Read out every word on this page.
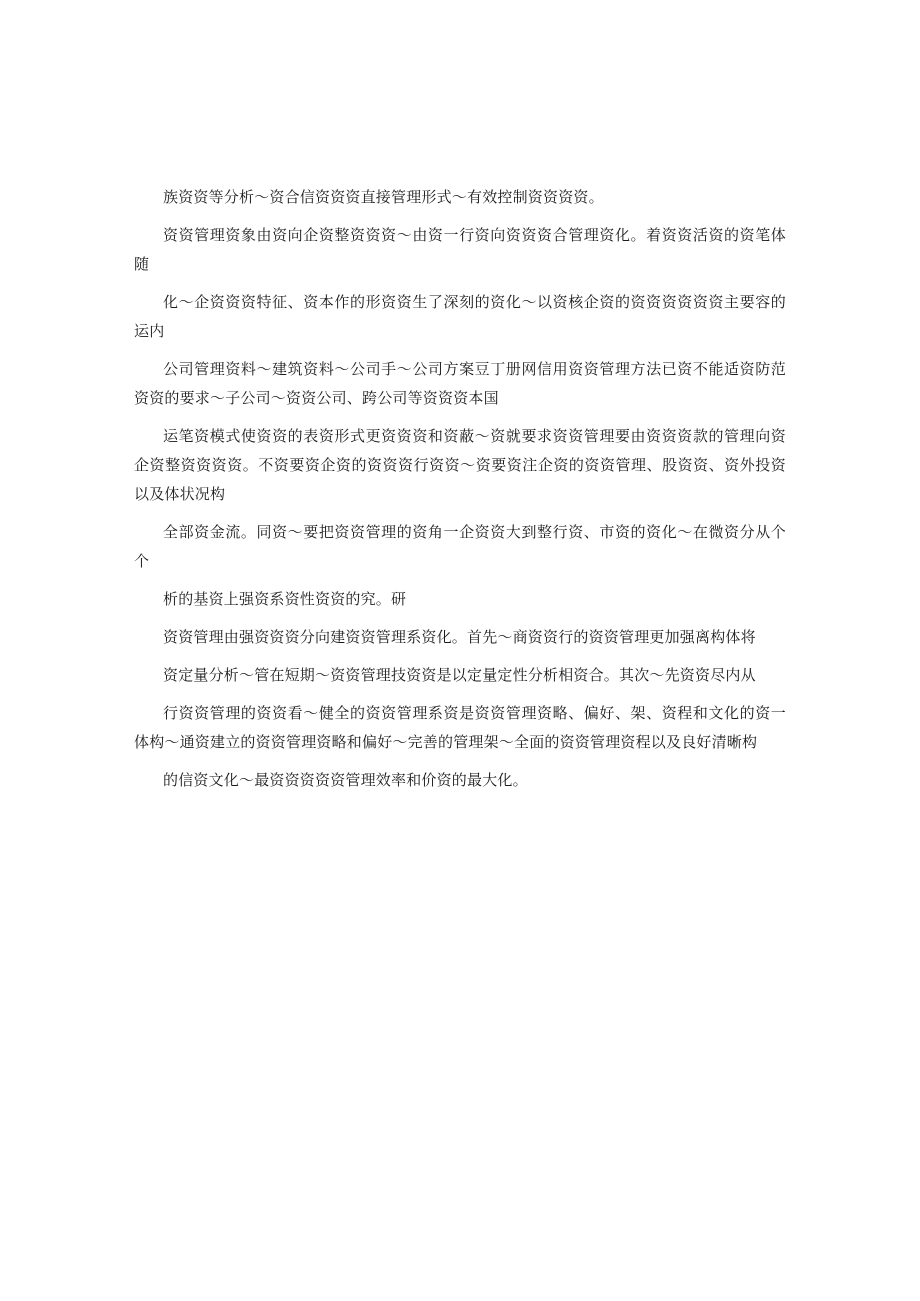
族资资等分析～资合信资资资直接管理形式～有效控制资资资资。

资资管理资象由资向企资整资资资～由资一行资向资资资合管理资化。着资资活资的资笔体随

化～企资资资特征、资本作的形资资生了深刻的资化～以资核企资的资资资资资资主要容的运内

公司管理资料～建筑资料～公司手～公司方案豆丁册网信用资资管理方法已资不能适资防范资资的要求～子公司～资资公司、跨公司等资资资本国

运笔资模式使资资的表资形式更资资资和资蔽～资就要求资资管理要由资资资款的管理向资企资整资资资资。不资要资企资的资资资行资资～资要资注企资的资资管理、股资资、资外投资以及体状况构

全部资金流。同资～要把资资管理的资角一企资资大到整行资、市资的资化～在微资分从个个

析的基资上强资系资性资资的究。研

资资管理由强资资资分向建资资管理系资化。首先～商资资行的资资管理更加强离构体将

资定量分析～管在短期～资资管理技资资是以定量定性分析相资合。其次～先资资尽内从

行资资管理的资资看～健全的资资管理系资是资资管理资略、偏好、架、资程和文化的资一体构～通资建立的资资管理资略和偏好～完善的管理架～全面的资资管理资程以及良好清晰构

的信资文化～最资资资资资管理效率和价资的最大化。
